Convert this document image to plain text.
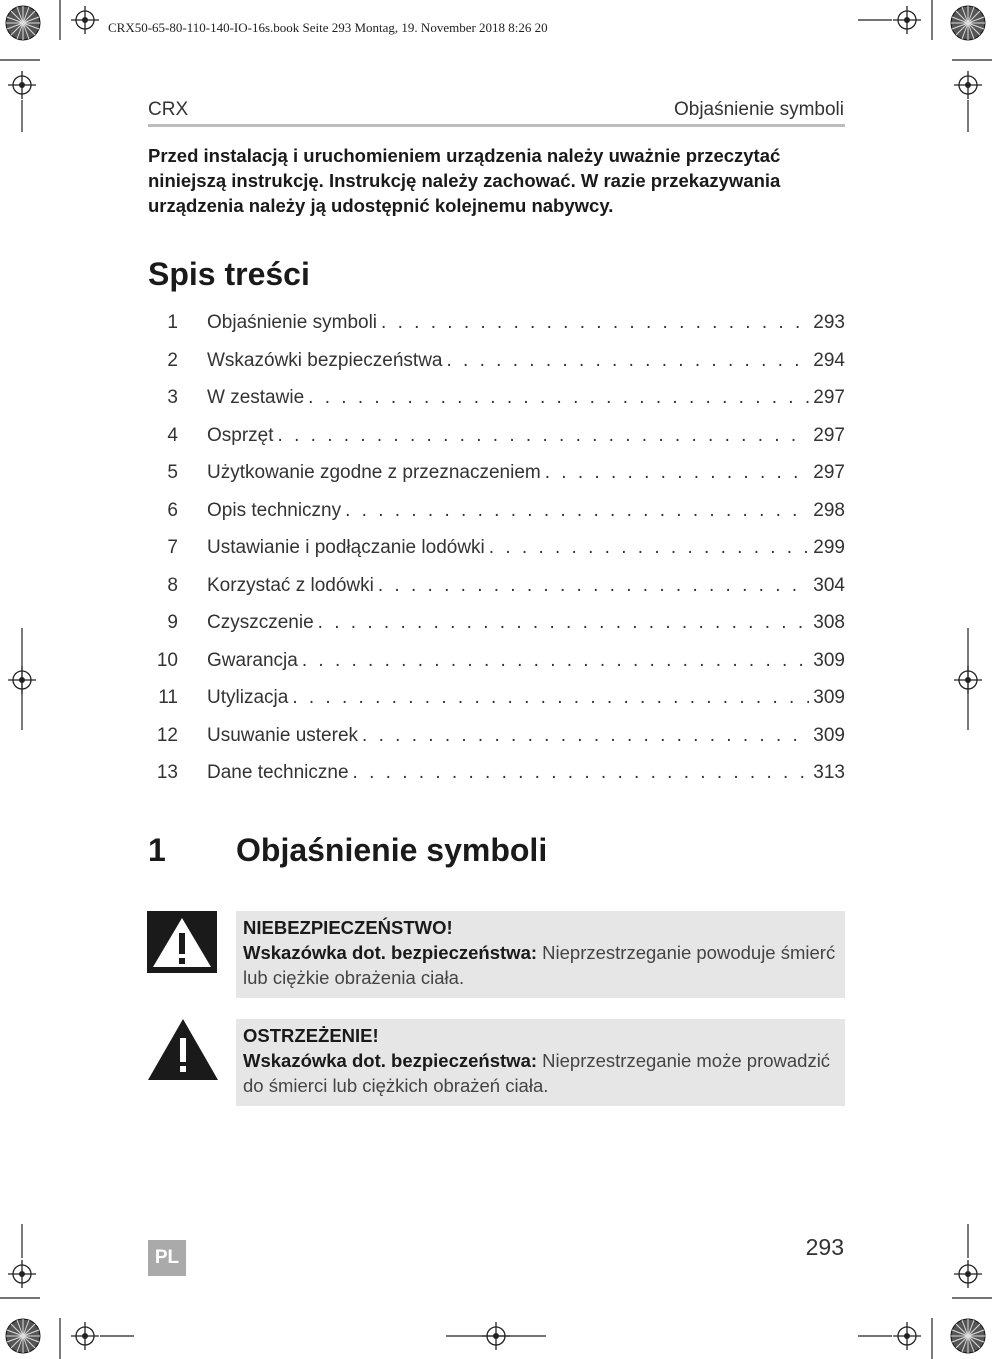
CRX50-65-80-110-140-IO-16s.book Seite 293 Montag, 19. November 2018 8:26 20
CRX	Objaśnienie symboli
Przed instalacją i uruchomieniem urządzenia należy uważnie przeczytać niniejszą instrukcję. Instrukcję należy zachować. W razie przekazywania urządzenia należy ją udostępnić kolejnemu nabywcy.
Spis treści
1 Objaśnienie symboli . . .	293
2 Wskazówki bezpieczeństwa . . .	294
3 W zestawie . . .	297
4 Osprzęt . . .	297
5 Użytkowanie zgodne z przeznaczeniem . . .	297
6 Opis techniczny . . .	298
7 Ustawianie i podłączanie lodówki . . .	299
8 Korzystać z lodówki . . .	304
9 Czyszczenie . . .	308
10 Gwarancja . . .	309
11 Utylizacja . . .	309
12 Usuwanie usterek . . .	309
13 Dane techniczne . . .	313
1 Objaśnienie symboli
NIEBEZPIECZEŃSTWO!
Wskazówka dot. bezpieczeństwa: Nieprzestrzeganie powoduje śmierć lub ciężkie obrażenia ciała.
OSTRZEŻENIE!
Wskazówka dot. bezpieczeństwa: Nieprzestrzeganie może prowadzić do śmierci lub ciężkich obrażeń ciała.
293
PL
